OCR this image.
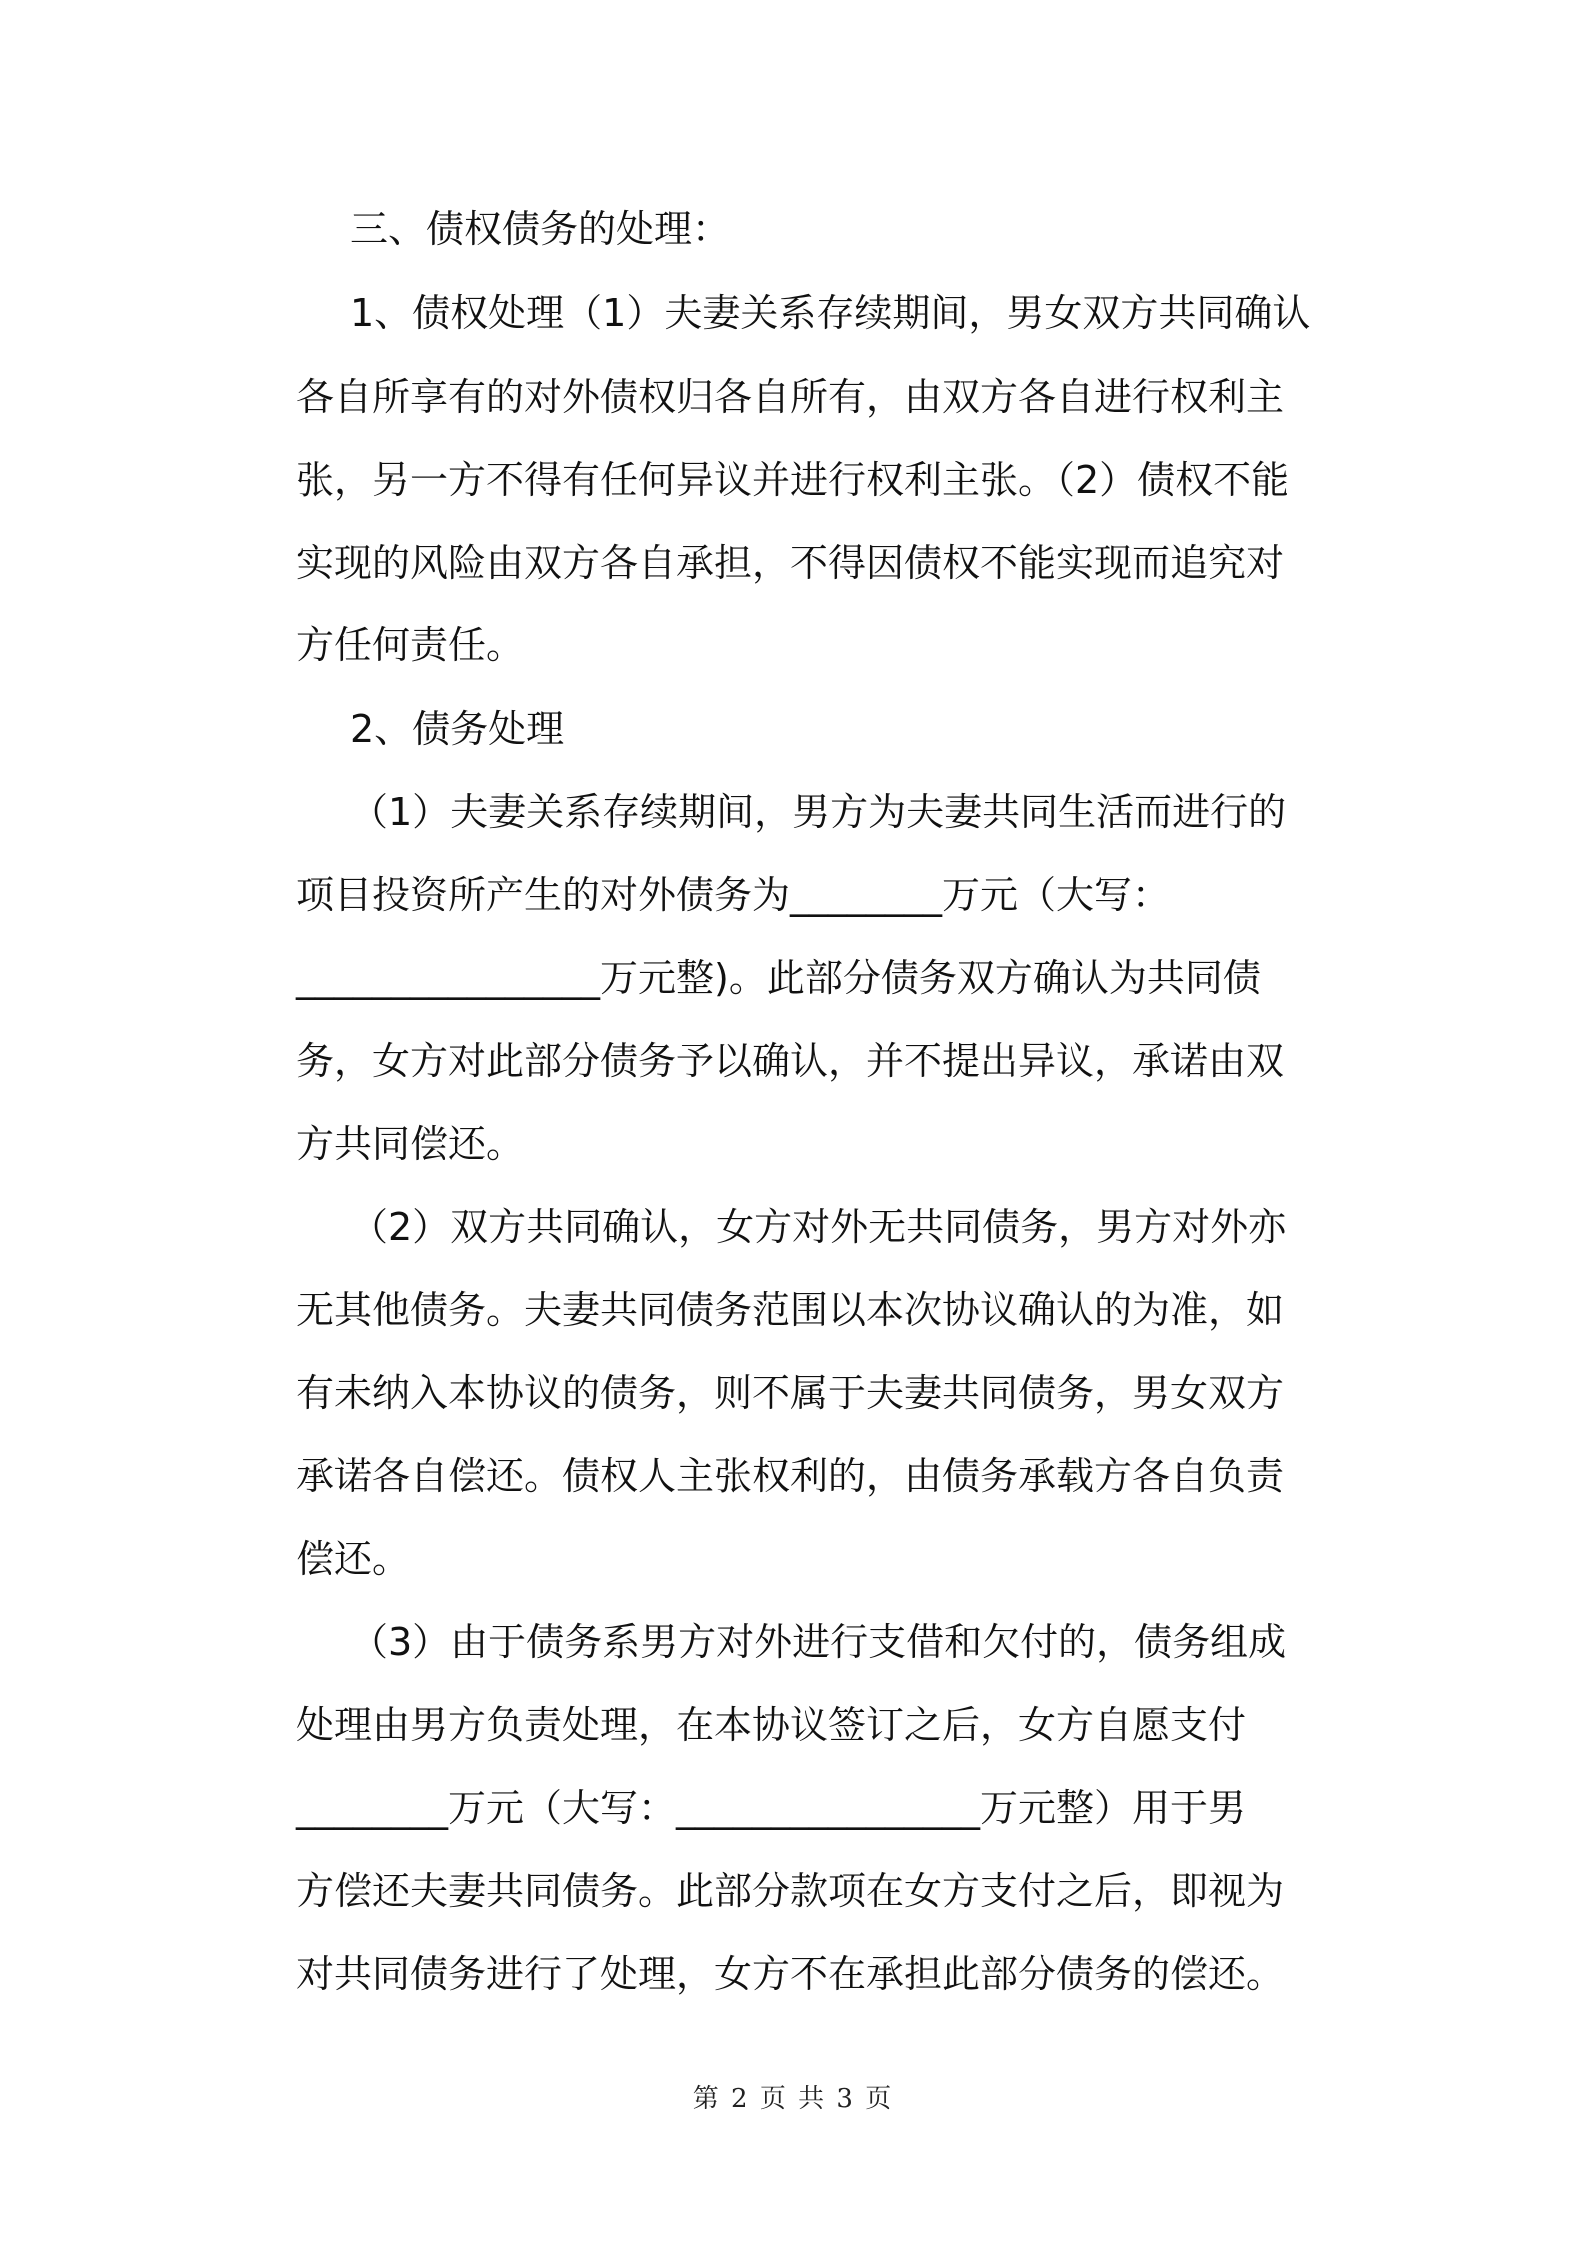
三、债权债务的处理：
1、债权处理（1）夫妻关系存续期间，男女双方共同确认
各自所享有的对外债权归各自所有，由双方各自进行权利主
张，另一方不得有任何异议并进行权利主张。（2）债权不能
实现的风险由双方各自承担，不得因债权不能实现而追究对
方任何责任。
2、债务处理
（1）夫妻关系存续期间，男方为夫妻共同生活而进行的
项目投资所产生的对外债务为________万元（大写：
________________万元整)。此部分债务双方确认为共同债
务，女方对此部分债务予以确认，并不提出异议，承诺由双
方共同偿还。
（2）双方共同确认，女方对外无共同债务，男方对外亦
无其他债务。夫妻共同债务范围以本次协议确认的为准，如
有未纳入本协议的债务，则不属于夫妻共同债务，男女双方
承诺各自偿还。债权人主张权利的，由债务承载方各自负责
偿还。
（3）由于债务系男方对外进行支借和欠付的，债务组成
处理由男方负责处理，在本协议签订之后，女方自愿支付
________万元（大写：________________万元整）用于男
方偿还夫妻共同债务。此部分款项在女方支付之后，即视为
对共同债务进行了处理，女方不在承担此部分债务的偿还。
第 2 页 共 3 页
